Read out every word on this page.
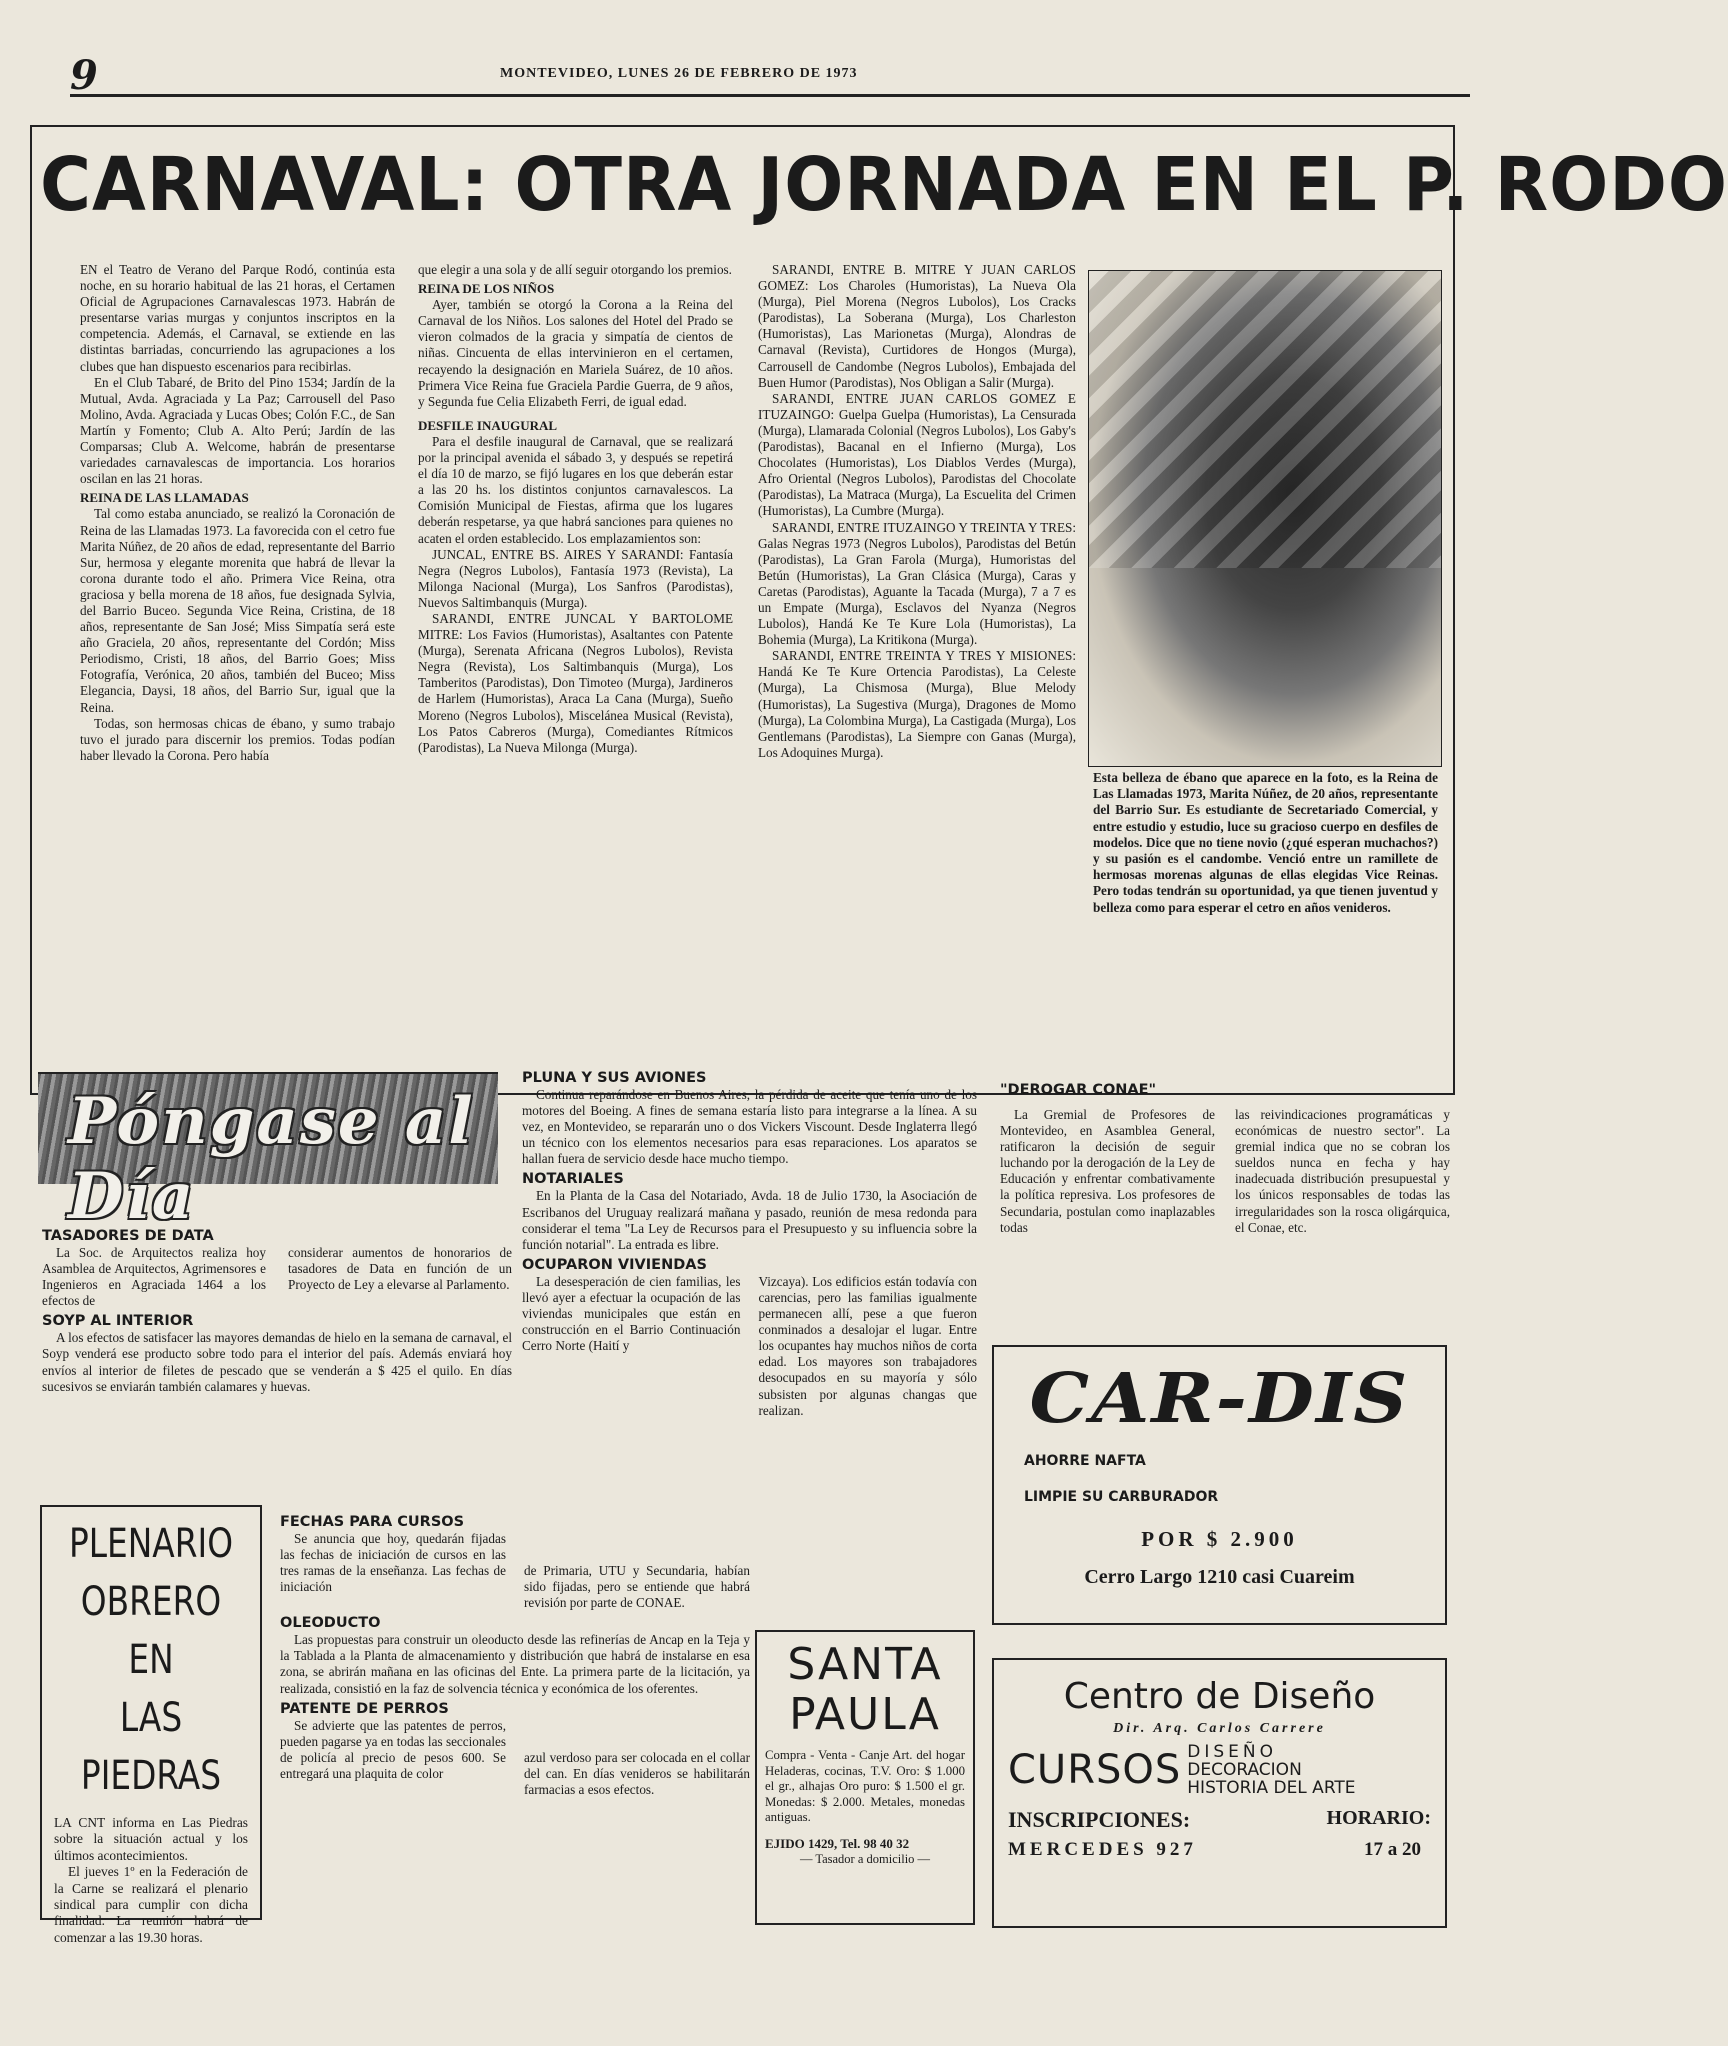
9	MONTEVIDEO, LUNES 26 DE FEBRERO DE 1973
CARNAVAL: OTRA JORNADA EN EL P. RODO

EN el Teatro de Verano del Parque Rodó, continúa esta noche, en su horario habitual de las 21 horas, el Certamen Oficial de Agrupaciones Carnavalescas 1973. Habrán de presentarse varias murgas y conjuntos inscriptos en la competencia. Además, el Carnaval, se extiende en las distintas barriadas, concurriendo las agrupaciones a los clubes que han dispuesto escenarios para recibirlas.

En el Club Tabaré, de Brito del Pino 1534; Jardín de la Mutual, Avda. Agraciada y La Paz; Carrousell del Paso Molino, Avda. Agraciada y Lucas Obes; Colón F.C., de San Martín y Fomento; Club A. Alto Perú; Jardín de las Comparsas; Club A. Welcome, habrán de presentarse variedades carnavalescas de importancia. Los horarios oscilan en las 21 horas.

REINA DE LAS LLAMADAS

Tal como estaba anunciado, se realizó la Coronación de Reina de las Llamadas 1973. La favorecida con el cetro fue Marita Núñez, de 20 años de edad, representante del Barrio Sur, hermosa y elegante morenita que habrá de llevar la corona durante todo el año. Primera Vice Reina, otra graciosa y bella morena de 18 años, fue designada Sylvia, del Barrio Buceo. Segunda Vice Reina, Cristina, de 18 años, representante de San José; Miss Simpatía será este año Graciela, 20 años, representante del Cordón; Miss Periodismo, Cristi, 18 años, del Barrio Goes; Miss Fotografía, Verónica, 20 años, también del Buceo; Miss Elegancia, Daysi, 18 años, del Barrio Sur, igual que la Reina.

Todas, son hermosas chicas de ébano, y sumo trabajo tuvo el jurado para discernir los premios. Todas podían haber llevado la Corona. Pero había

que elegir a una sola y de allí seguir otorgando los premios.

REINA DE LOS NIÑOS

Ayer, también se otorgó la Corona a la Reina del Carnaval de los Niños. Los salones del Hotel del Prado se vieron colmados de la gracia y simpatía de cientos de niñas. Cincuenta de ellas intervinieron en el certamen, recayendo la designación en Mariela Suárez, de 10 años. Primera Vice Reina fue Graciela Pardie Guerra, de 9 años, y Segunda fue Celia Elizabeth Ferri, de igual edad.

DESFILE INAUGURAL

Para el desfile inaugural de Carnaval, que se realizará por la principal avenida el sábado 3, y después se repetirá el día 10 de marzo, se fijó lugares en los que deberán estar a las 20 hs. los distintos conjuntos carnavalescos. La Comisión Municipal de Fiestas, afirma que los lugares deberán respetarse, ya que habrá sanciones para quienes no acaten el orden establecido. Los emplazamientos son:

JUNCAL, ENTRE BS. AIRES Y SARANDI: Fantasía Negra (Negros Lubolos), Fantasía 1973 (Revista), La Milonga Nacional (Murga), Los Sanfros (Parodistas), Nuevos Saltimbanquis (Murga).

SARANDI, ENTRE JUNCAL Y BARTOLOME MITRE: Los Favios (Humoristas), Asaltantes con Patente (Murga), Serenata Africana (Negros Lubolos), Revista Negra (Revista), Los Saltimbanquis (Murga), Los Tamberitos (Parodistas), Don Timoteo (Murga), Jardineros de Harlem (Humoristas), Araca La Cana (Murga), Sueño Moreno (Negros Lubolos), Miscelánea Musical (Revista), Los Patos Cabreros (Murga), Comediantes Rítmicos (Parodistas), La Nueva Milonga (Murga).

SARANDI, ENTRE B. MITRE Y JUAN CARLOS GOMEZ: Los Charoles (Humoristas), La Nueva Ola (Murga), Piel Morena (Negros Lubolos), Los Cracks (Parodistas), La Soberana (Murga), Los Charleston (Humoristas), Las Marionetas (Murga), Alondras de Carnaval (Revista), Curtidores de Hongos (Murga), Carrousell de Candombe (Negros Lubolos), Embajada del Buen Humor (Parodistas), Nos Obligan a Salir (Murga).

SARANDI, ENTRE JUAN CARLOS GOMEZ E ITUZAINGO: Guelpa Guelpa (Humoristas), La Censurada (Murga), Llamarada Colonial (Negros Lubolos), Los Gaby's (Parodistas), Bacanal en el Infierno (Murga), Los Chocolates (Humoristas), Los Diablos Verdes (Murga), Afro Oriental (Negros Lubolos), Parodistas del Chocolate (Parodistas), La Matraca (Murga), La Escuelita del Crimen (Humoristas), La Cumbre (Murga).

SARANDI, ENTRE ITUZAINGO Y TREINTA Y TRES: Galas Negras 1973 (Negros Lubolos), Parodistas del Betún (Parodistas), La Gran Farola (Murga), Humoristas del Betún (Humoristas), La Gran Clásica (Murga), Caras y Caretas (Parodistas), Aguante la Tacada (Murga), 7 a 7 es un Empate (Murga), Esclavos del Nyanza (Negros Lubolos), Handá Ke Te Kure Lola (Humoristas), La Bohemia (Murga), La Kritikona (Murga).

SARANDI, ENTRE TREINTA Y TRES Y MISIONES: Handá Ke Te Kure Ortencia Parodistas), La Celeste (Murga), La Chismosa (Murga), Blue Melody (Humoristas), La Sugestiva (Murga), Dragones de Momo (Murga), La Colombina Murga), La Castigada (Murga), Los Gentlemans (Parodistas), La Siempre con Ganas (Murga), Los Adoquines Murga).

Esta belleza de ébano que aparece en la foto, es la Reina de Las Llamadas 1973, Marita Núñez, de 20 años, representante del Barrio Sur. Es estudiante de Secretariado Comercial, y entre estudio y estudio, luce su gracioso cuerpo en desfiles de modelos. Dice que no tiene novio (¿qué esperan muchachos?) y su pasión es el candombe. Venció entre un ramillete de hermosas morenas algunas de ellas elegidas Vice Reinas. Pero todas tendrán su oportunidad, ya que tienen juventud y belleza como para esperar el cetro en años venideros.
Póngase al Día
TASADORES DE DATA

La Soc. de Arquitectos realiza hoy Asamblea de Arquitectos, Agrimensores e Ingenieros en Agraciada 1464 a los efectos de

considerar aumentos de honorarios de tasadores de Data en función de un Proyecto de Ley a elevarse al Parlamento.

SOYP AL INTERIOR

A los efectos de satisfacer las mayores demandas de hielo en la semana de carnaval, el Soyp venderá ese producto sobre todo para el interior del país. Además enviará hoy envíos al interior de filetes de pescado que se venderán a $ 425 el quilo. En días sucesivos se enviarán también calamares y huevas.

PLUNA Y SUS AVIONES

Continua reparándose en Buenos Aires, la pérdida de aceite que tenía uno de los motores del Boeing. A fines de semana estaría listo para integrarse a la línea. A su vez, en Montevideo, se repararán uno o dos Vickers Viscount. Desde Inglaterra llegó un técnico con los elementos necesarios para esas reparaciones. Los aparatos se hallan fuera de servicio desde hace mucho tiempo.

NOTARIALES

En la Planta de la Casa del Notariado, Avda. 18 de Julio 1730, la Asociación de Escribanos del Uruguay realizará mañana y pasado, reunión de mesa redonda para considerar el tema "La Ley de Recursos para el Presupuesto y su influencia sobre la función notarial". La entrada es libre.

OCUPARON VIVIENDAS

La desesperación de cien familias, les llevó ayer a efectuar la ocupación de las viviendas municipales que están en construcción en el Barrio Continuación Cerro Norte (Haití y

Vizcaya). Los edificios están todavía con carencias, pero las familias igualmente permanecen allí, pese a que fueron conminados a desalojar el lugar. Entre los ocupantes hay muchos niños de corta edad. Los mayores son trabajadores desocupados en su mayoría y sólo subsisten por algunas changas que realizan.

"DEROGAR CONAE"

La Gremial de Profesores de Montevideo, en Asamblea General, ratificaron la decisión de seguir luchando por la derogación de la Ley de Educación y enfrentar combativamente la política represiva. Los profesores de Secundaria, postulan como inaplazables todas

las reivindicaciones programáticas y económicas de nuestro sector". La gremial indica que no se cobran los sueldos nunca en fecha y hay inadecuada distribución presupuestal y los únicos responsables de todas las irregularidades son la rosca oligárquica, el Conae, etc.

PLENARIO
OBRERO EN
LAS PIEDRAS

LA CNT informa en Las Piedras sobre la situación actual y los últimos acontecimientos.

El jueves 1º en la Federación de la Carne se realizará el plenario sindical para cumplir con dicha finalidad. La reunión habrá de comenzar a las 19.30 horas.

FECHAS PARA CURSOS

Se anuncia que hoy, quedarán fijadas las fechas de iniciación de cursos en las tres ramas de la enseñanza. Las fechas de iniciación

de Primaria, UTU y Secundaria, habían sido fijadas, pero se entiende que habrá revisión por parte de CONAE.

OLEODUCTO

Las propuestas para construir un oleoducto desde las refinerías de Ancap en la Teja y la Tablada a la Planta de almacenamiento y distribución que habrá de instalarse en esa zona, se abrirán mañana en las oficinas del Ente. La primera parte de la licitación, ya realizada, consistió en la faz de solvencia técnica y económica de los oferentes.

PATENTE DE PERROS

Se advierte que las patentes de perros, pueden pagarse ya en todas las seccionales de policía al precio de pesos 600. Se entregará una plaquita de color

azul verdoso para ser colocada en el collar del can. En días venideros se habilitarán farmacias a esos efectos.

SANTA
PAULA
Compra - Venta - Canje Art. del hogar Heladeras, cocinas, T.V. Oro: $ 1.000 el gr., alhajas Oro puro: $ 1.500 el gr. Monedas: $ 2.000. Metales, monedas antiguas.
EJIDO 1429, Tel. 98 40 32
— Tasador a domicilio —
CAR-DIS
AHORRE NAFTA
LIMPIE SU CARBURADOR
POR $ 2.900
Cerro Largo 1210 casi Cuareim
Centro de Diseño
Dir. Arq. Carlos Carrere
CURSOS DISEÑO
DECORACION
HISTORIA DEL ARTE
INSCRIPCIONES:	HORARIO:
MERCEDES 927	17 a 20
